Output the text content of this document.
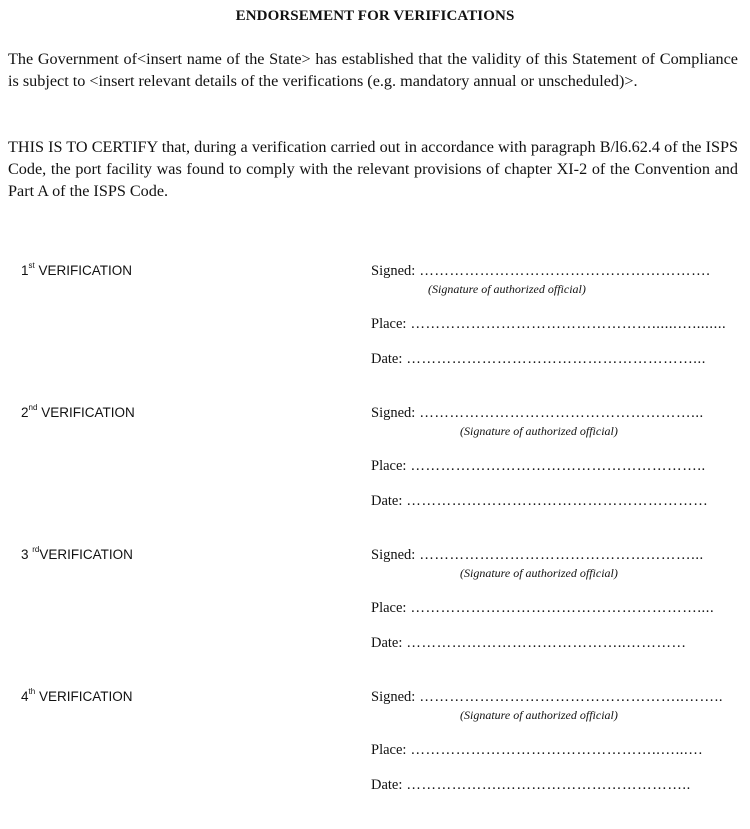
ENDORSEMENT FOR VERIFICATIONS

The Government of<insert name of the State> has established that the validity of this Statement of Compliance is subject to <insert relevant details of the verifications (e.g. mandatory annual or unscheduled)>.

THIS IS TO CERTIFY that, during a verification carried out in accordance with paragraph B/l6.62.4 of the ISPS Code, the port facility was found to comply with the relevant provisions of chapter XI-2 of the Convention and Part A of the ISPS Code.

1st VERIFICATION	Signed: ………………………………………………….
(Signature of authorized official)
Place: …………………………………………......…........
Date: …………………………………………………...
2nd VERIFICATION	Signed: ………………………………………………...
(Signature of authorized official)
Place: …………………………………………………..
Date: ……………………………………………………
3 $^{rd}$VERIFICATION	Signed: ………………………………………………...
(Signature of authorized official)
Place: …………………………………………………....
Date: ……………………………………..…………
4th VERIFICATION	Signed: ……………………………………………..……..
(Signature of authorized official)
Place: …………………………………………..…...…
Date: ……………….………………………………..
